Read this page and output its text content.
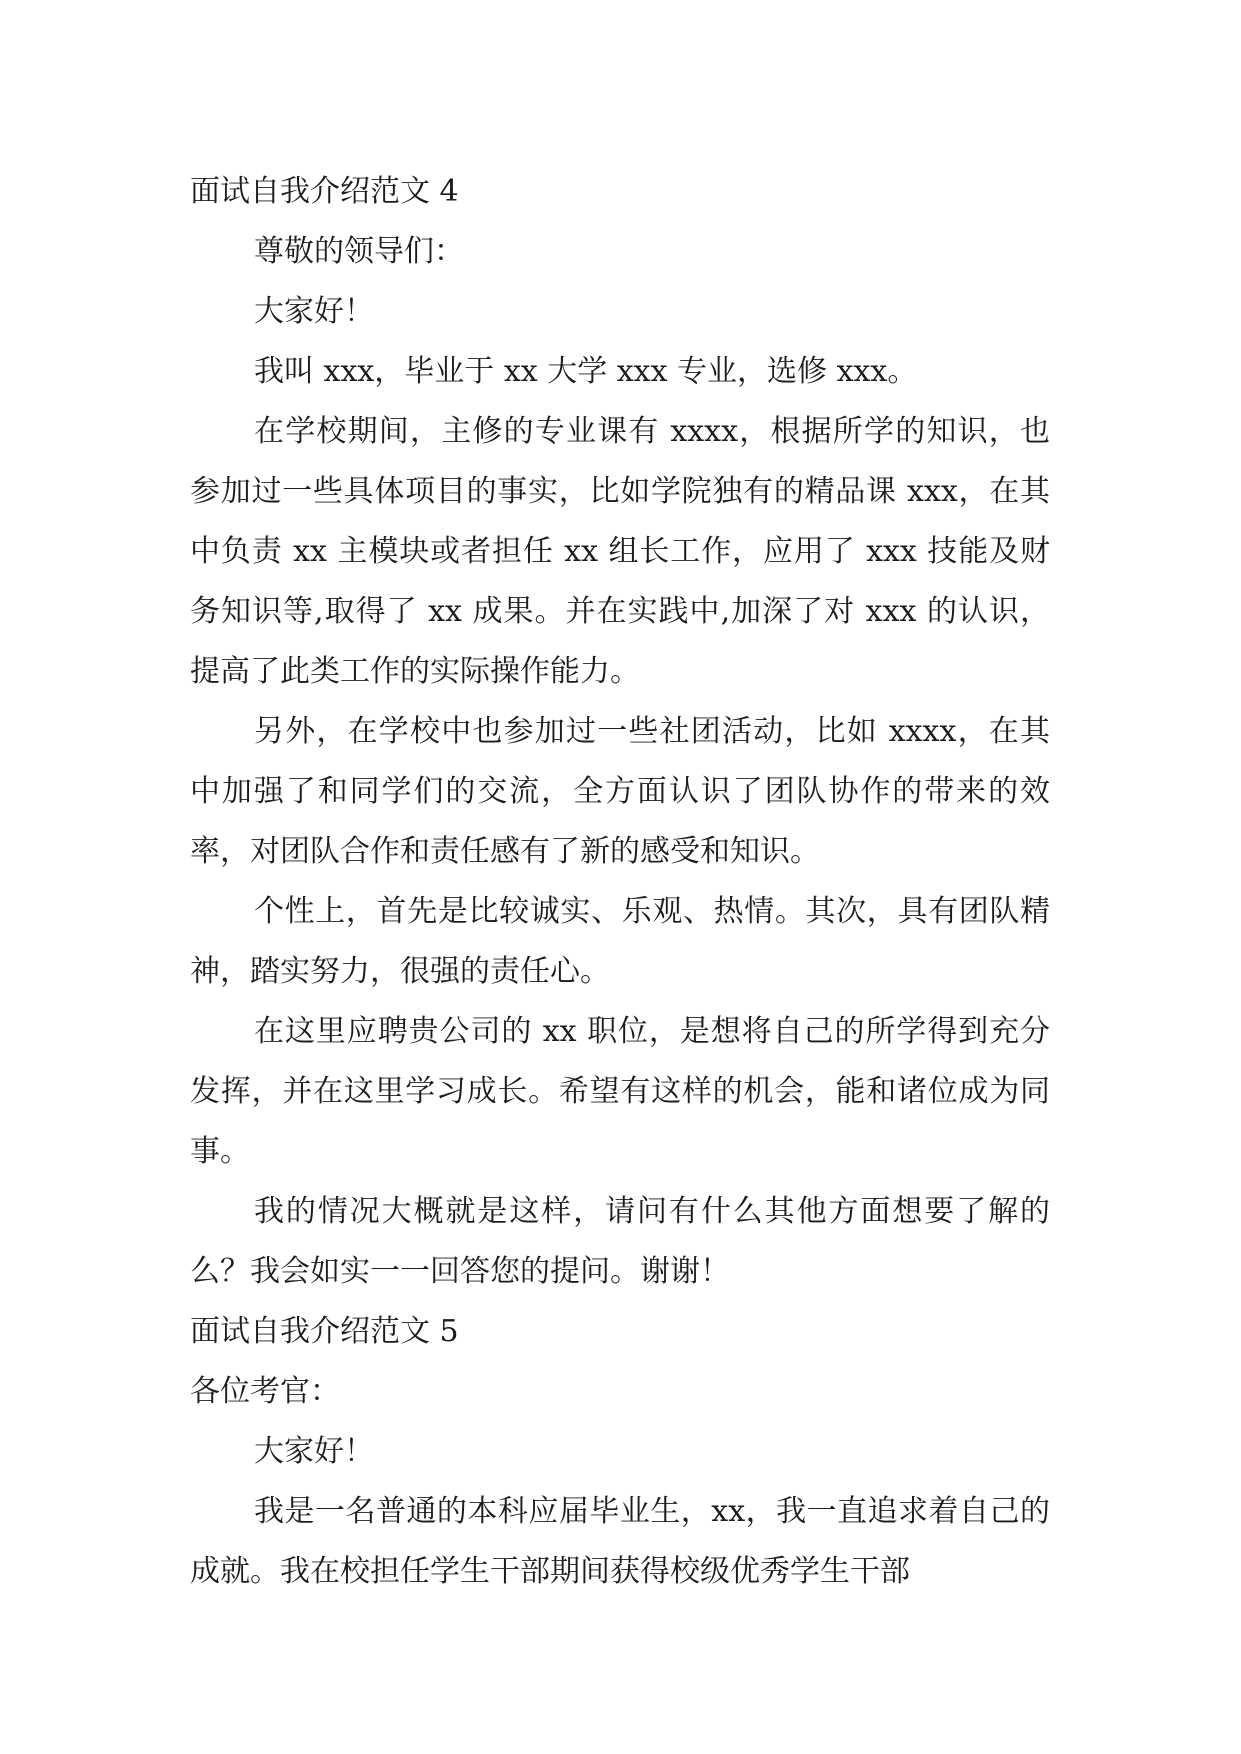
面试自我介绍范文 4
尊敬的领导们：
大家好！
我叫 xxx，毕业于 xx 大学 xxx 专业，选修 xxx。
在学校期间，主修的专业课有 xxxx，根据所学的知识，也参加过一些具体项目的事实，比如学院独有的精品课 xxx，在其中负责 xx 主模块或者担任 xx 组长工作，应用了 xxx 技能及财务知识等,取得了 xx 成果。并在实践中,加深了对 xxx 的认识，提高了此类工作的实际操作能力。
另外，在学校中也参加过一些社团活动，比如 xxxx，在其中加强了和同学们的交流，全方面认识了团队协作的带来的效率，对团队合作和责任感有了新的感受和知识。
个性上，首先是比较诚实、乐观、热情。其次，具有团队精神，踏实努力，很强的责任心。
在这里应聘贵公司的 xx 职位，是想将自己的所学得到充分发挥，并在这里学习成长。希望有这样的机会，能和诸位成为同事。
我的情况大概就是这样，请问有什么其他方面想要了解的么？我会如实一一回答您的提问。谢谢！
面试自我介绍范文 5
各位考官：
大家好！
我是一名普通的本科应届毕业生，xx，我一直追求着自己的成就。我在校担任学生干部期间获得校级优秀学生干部
